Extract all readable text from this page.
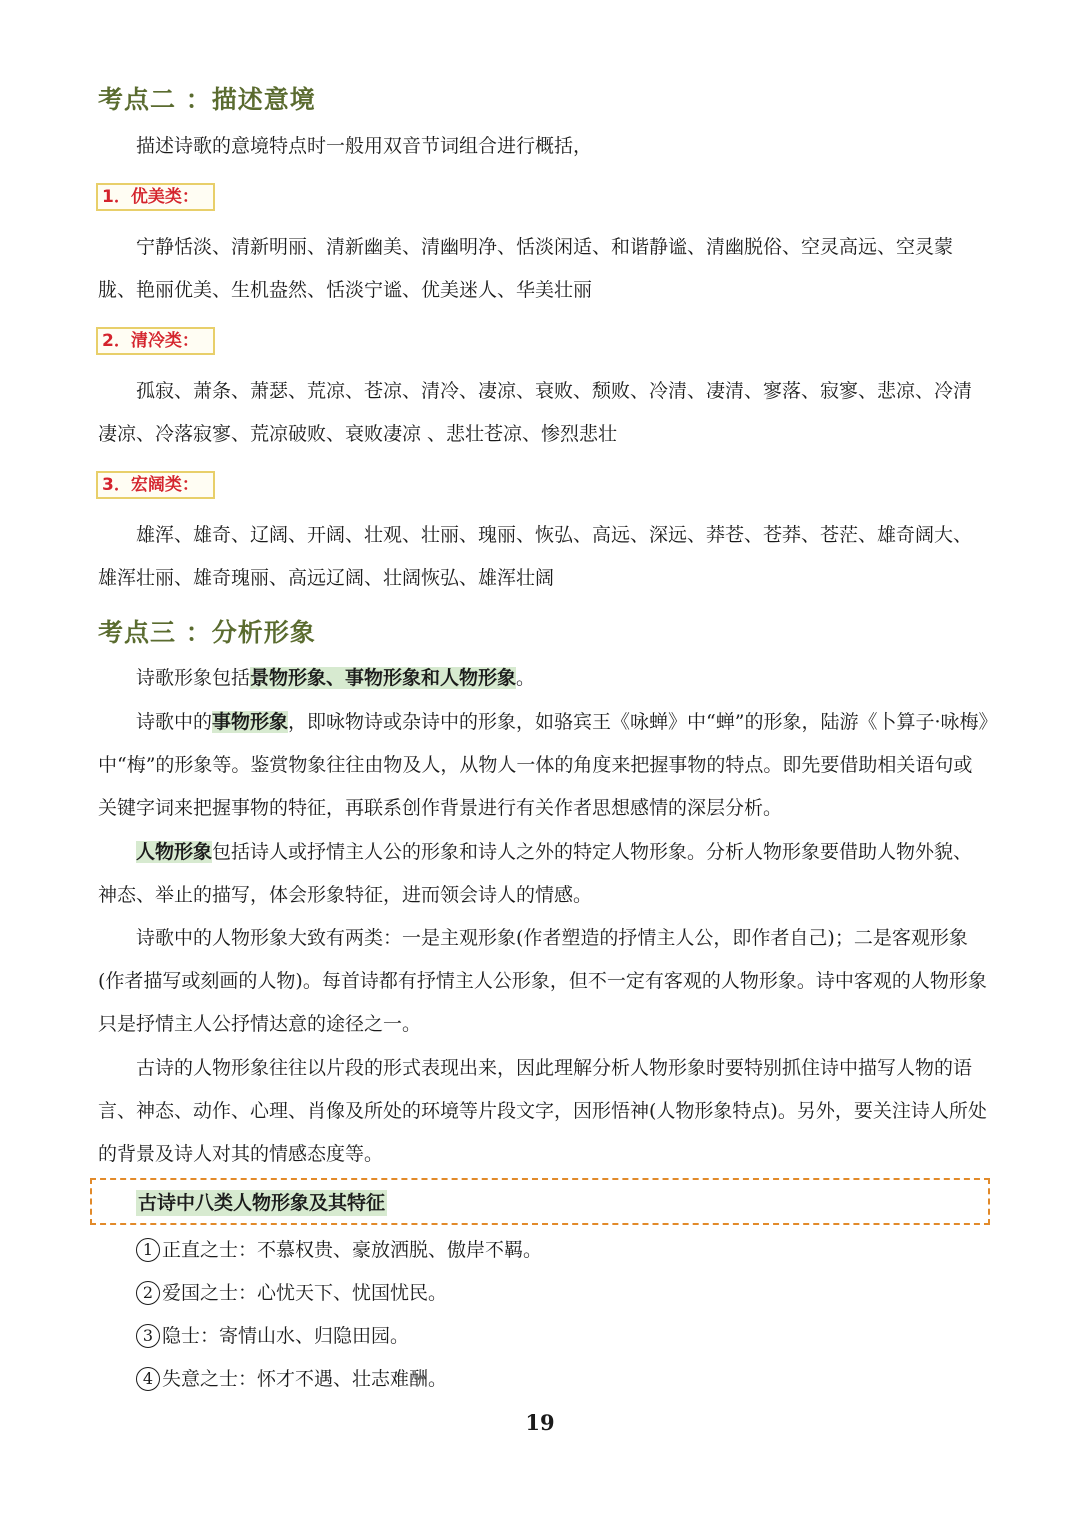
考点二 ：描述意境

描述诗歌的意境特点时一般用双音节词组合进行概括，

1．优美类：

宁静恬淡、清新明丽、清新幽美、清幽明净、恬淡闲适、和谐静谧、清幽脱俗、空灵高远、空灵蒙胧、艳丽优美、生机盎然、恬淡宁谧、优美迷人、华美壮丽

2．清冷类：

孤寂、萧条、萧瑟、荒凉、苍凉、清冷、凄凉、衰败、颓败、冷清、凄清、寥落、寂寥、悲凉、冷清凄凉、冷落寂寥、荒凉破败、衰败凄凉 、悲壮苍凉、惨烈悲壮

3．宏阔类：

雄浑、雄奇、辽阔、开阔、壮观、壮丽、瑰丽、恢弘、高远、深远、莽苍、苍莽、苍茫、雄奇阔大、雄浑壮丽、雄奇瑰丽、高远辽阔、壮阔恢弘、雄浑壮阔

考点三 ：分析形象

诗歌形象包括景物形象、事物形象和人物形象。

诗歌中的事物形象，即咏物诗或杂诗中的形象，如骆宾王《咏蝉》中“蝉”的形象，陆游《卜算子·咏梅》中“梅”的形象等。鉴赏物象往往由物及人，从物人一体的角度来把握事物的特点。即先要借助相关语句或关键字词来把握事物的特征，再联系创作背景进行有关作者思想感情的深层分析。

人物形象包括诗人或抒情主人公的形象和诗人之外的特定人物形象。分析人物形象要借助人物外貌、神态、举止的描写，体会形象特征，进而领会诗人的情感。

诗歌中的人物形象大致有两类：一是主观形象(作者塑造的抒情主人公，即作者自己)；二是客观形象(作者描写或刻画的人物)。每首诗都有抒情主人公形象，但不一定有客观的人物形象。诗中客观的人物形象只是抒情主人公抒情达意的途径之一。

古诗的人物形象往往以片段的形式表现出来，因此理解分析人物形象时要特别抓住诗中描写人物的语言、神态、动作、心理、肖像及所处的环境等片段文字，因形悟神(人物形象特点)。另外，要关注诗人所处的背景及诗人对其的情感态度等。

古诗中八类人物形象及其特征
1 正直之士：不慕权贵、豪放洒脱、傲岸不羁。
2 爱国之士：心忧天下、忧国忧民。
3 隐士：寄情山水、归隐田园。
4 失意之士：怀才不遇、壮志难酬。
19
